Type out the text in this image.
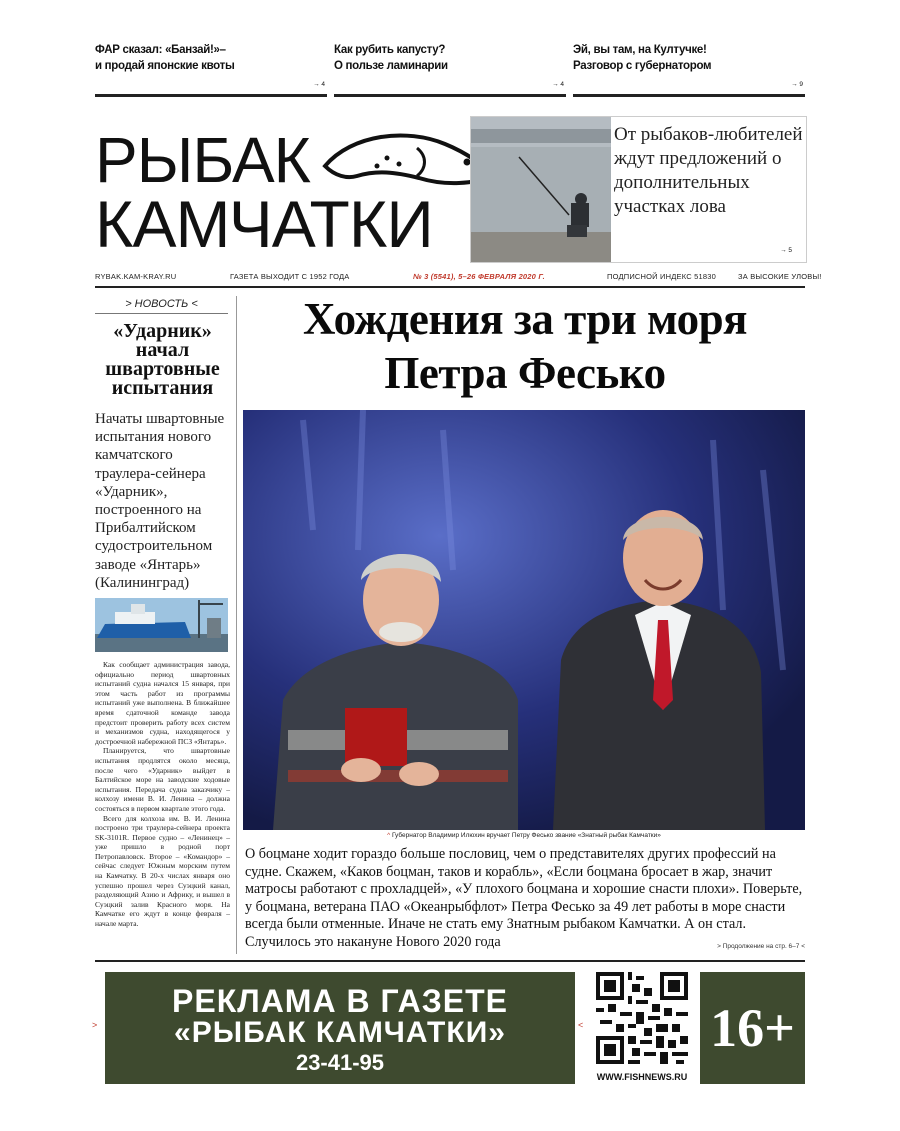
ФАР сказал: «Банзай!»–
и продай японские квоты
→ 4
Как рубить капусту?
О пользе ламинарии
→ 4
Эй, вы там, на Култучке!
Разговор с губернатором
→ 9
РЫБАК
КАМЧАТКИ
От рыбаков-любителей ждут предложений о дополнительных участках лова
→ 5
RYBAK.KAM-KRAY.RU	ГАЗЕТА ВЫХОДИТ С 1952 ГОДА	№ 3 (5541), 5–26 ФЕВРАЛЯ 2020 Г.	ПОДПИСНОЙ ИНДЕКС 51830	ЗА ВЫСОКИЕ УЛОВЫ!
> НОВОСТЬ <
«Ударник» начал швартовные испытания
Начаты швартовные испытания нового камчатского траулера-сейнера «Ударник», построенного на Прибалтийском судостроительном заводе «Янтарь» (Калининград)

Как сообщает администрация завода, официально период швартовных испытаний судна начался 15 января, при этом часть работ из программы испытаний уже выполнена. В ближайшее время сдаточной команде завода предстоит проверить работу всех систем и механизмов судна, находящегося у достроечной набережной ПСЗ «Янтарь».

Планируется, что швартовные испытания продлятся около месяца, после чего «Ударник» выйдет в Балтийское море на заводские ходовые испытания. Передача судна заказчику – колхозу имени В. И. Ленина – должна состояться в первом квартале этого года.

Всего для колхоза им. В. И. Ленина построено три траулера-сейнера проекта SK-3101R. Первое судно – «Ленинец» – уже пришло в родной порт Петропавловск. Второе – «Командор» – сейчас следует Южным морским путем на Камчатку. В 20-х числах января оно успешно прошел через Суэцкий канал, разделяющий Азию и Африку, и вышел в Суэцкий залив Красного моря. На Камчатке его ждут в конце февраля – начале марта.

Хождения за три моря
Петра Фесько
^ Губернатор Владимир Илюхин вручает Петру Фесько звание «Знатный рыбак Камчатки»
О боцмане ходит гораздо больше пословиц, чем о представителях других профессий на судне. Скажем, «Каков боцман, таков и корабль», «Если боцмана бросает в жар, значит матросы работают с прохладцей», «У плохого боцмана и хорошие снасти плохи». Поверьте, у боцмана, ветерана ПАО «Океанрыбфлот» Петра Фесько за 49 лет работы в море снасти всегда были отменные. Иначе не стать ему Знатным рыбаком Камчатки. А он стал. Случилось это накануне Нового 2020 года	> Продолжение на стр. 6–7 <
>
РЕКЛАМА В ГАЗЕТЕ
«РЫБАК КАМЧАТКИ»
23-41-95
<
WWW.FISHNEWS.RU
16+
